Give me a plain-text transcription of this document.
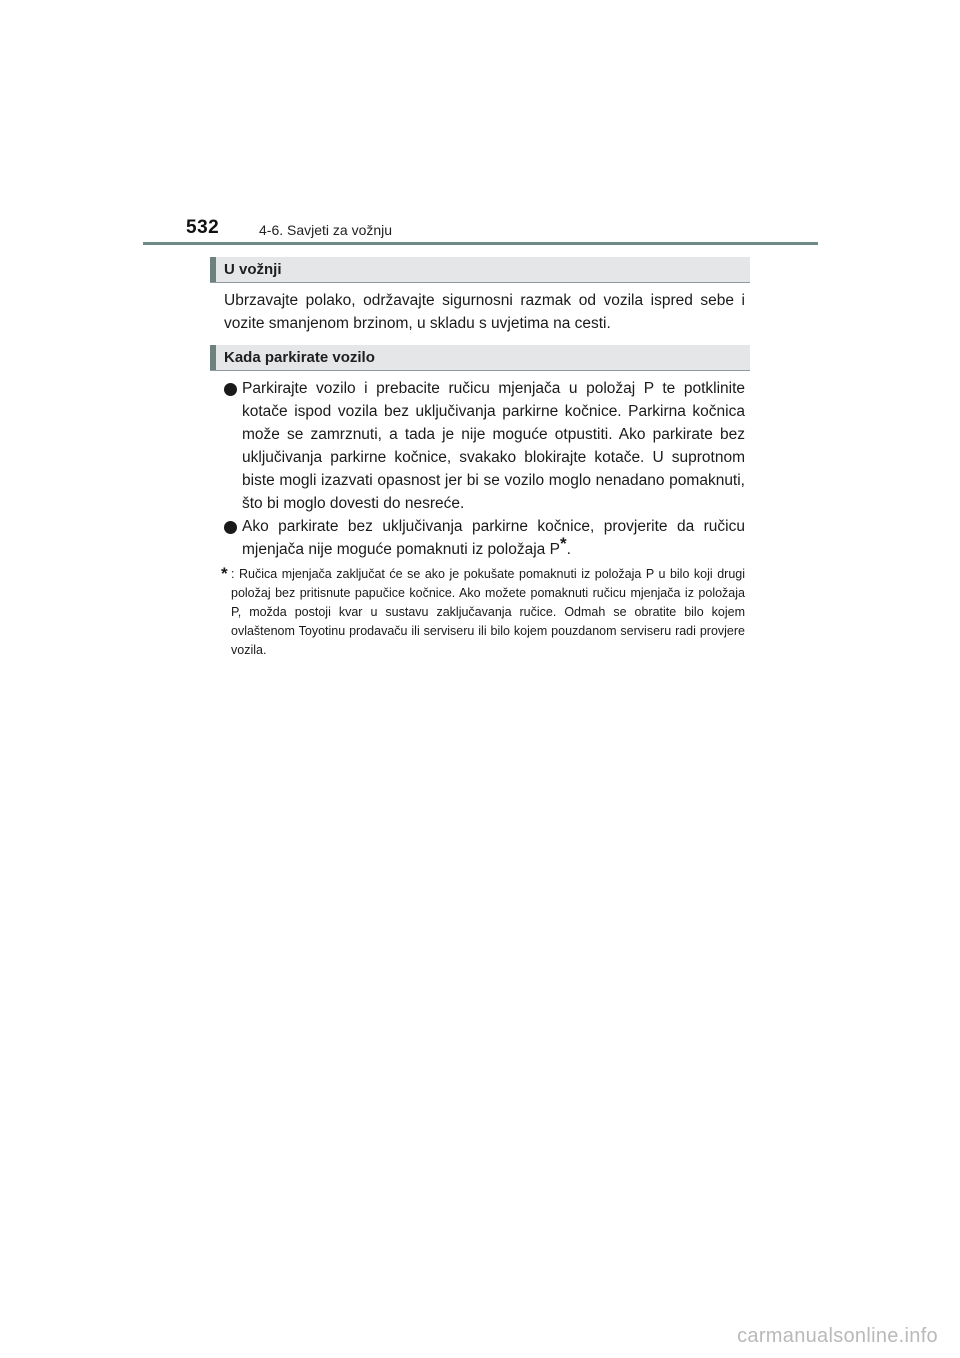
532	4-6. Savjeti za vožnju
U vožnji
Ubrzavajte polako, održavajte sigurnosni razmak od vozila ispred sebe i vozite smanjenom brzinom, u skladu s uvjetima na cesti.
Kada parkirate vozilo
Parkirajte vozilo i prebacite ručicu mjenjača u položaj P te potklinite kotače ispod vozila bez uključivanja parkirne kočnice. Parkirna kočnica može se zamrznuti, a tada je nije moguće otpustiti. Ako parkirate bez uključivanja parkirne kočnice, svakako blokirajte kotače. U suprotnom biste mogli izazvati opasnost jer bi se vozilo moglo nenadano pomaknuti, što bi moglo dovesti do nesreće.
Ako parkirate bez uključivanja parkirne kočnice, provjerite da ručicu mjenjača nije moguće pomaknuti iz položaja P*.
* : Ručica mjenjača zaključat će se ako je pokušate pomaknuti iz položaja P u bilo koji drugi položaj bez pritisnute papučice kočnice. Ako možete pomaknuti ručicu mjenjača iz položaja P, možda postoji kvar u sustavu zaključavanja ručice. Odmah se obratite bilo kojem ovlaštenom Toyotinu prodavaču ili serviseru ili bilo kojem pouzdanom serviseru radi provjere vozila.
carmanualsonline.info
